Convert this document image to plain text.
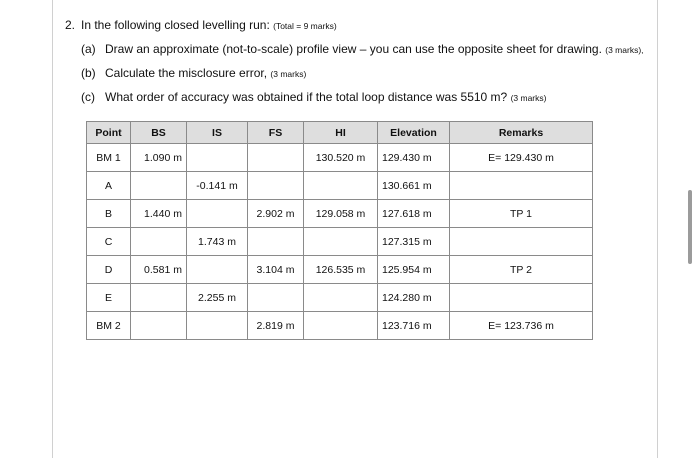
2. In the following closed levelling run: (Total = 9 marks)
(a) Draw an approximate (not-to-scale) profile view – you can use the opposite sheet for drawing. (3 marks),
(b) Calculate the misclosure error, (3 marks)
(c) What order of accuracy was obtained if the total loop distance was 5510 m? (3 marks)
Point	BS	IS	FS	HI	Elevation	Remarks
BM 1	1.090 m			130.520 m	129.430 m	E= 129.430 m
A		-0.141 m			130.661 m	
B	1.440 m		2.902 m	129.058 m	127.618 m	TP 1
C		1.743 m			127.315 m	
D	0.581 m		3.104 m	126.535 m	125.954 m	TP 2
E		2.255 m			124.280 m	
BM 2			2.819 m		123.716 m	E= 123.736 m
